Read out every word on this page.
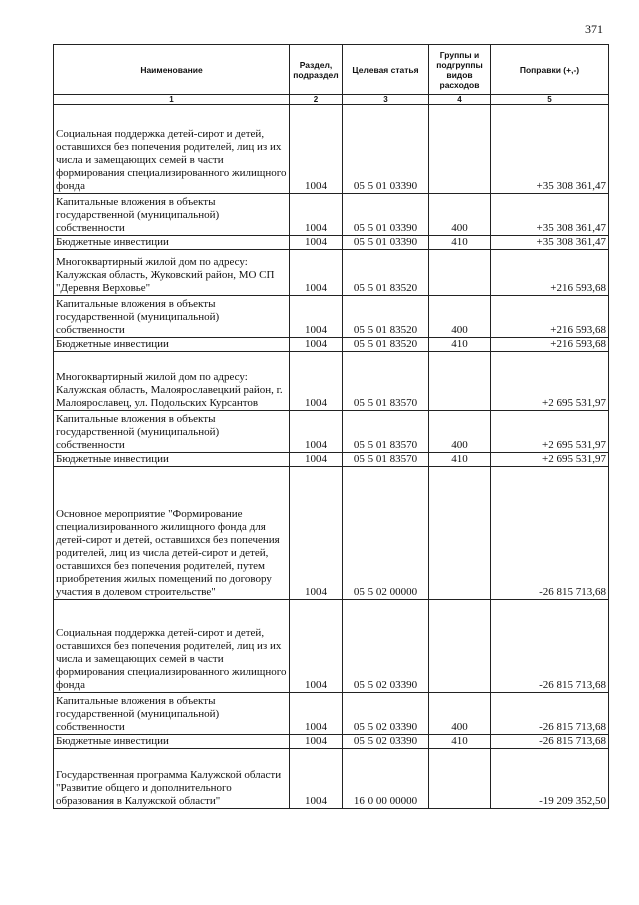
371
Наименование	Раздел, подраздел	Целевая статья	Группы и подгруппы видов расходов	Поправки (+,-)
1	2	3	4	5
Социальная поддержка детей-сирот и детей, оставшихся без попечения родителей, лиц из их числа и замещающих семей в части формирования специализированного жилищного фонда	1004	05 5 01 03390		+35 308 361,47
Капитальные вложения в объекты государственной (муниципальной) собственности	1004	05 5 01 03390	400	+35 308 361,47
Бюджетные инвестиции	1004	05 5 01 03390	410	+35 308 361,47
Многоквартирный жилой дом по адресу: Калужская область, Жуковский район, МО СП "Деревня Верховье"	1004	05 5 01 83520		+216 593,68
Капитальные вложения в объекты государственной (муниципальной) собственности	1004	05 5 01 83520	400	+216 593,68
Бюджетные инвестиции	1004	05 5 01 83520	410	+216 593,68
Многоквартирный жилой дом по адресу: Калужская область, Малоярославецкий район, г. Малоярославец, ул. Подольских Курсантов	1004	05 5 01 83570		+2 695 531,97
Капитальные вложения в объекты государственной (муниципальной) собственности	1004	05 5 01 83570	400	+2 695 531,97
Бюджетные инвестиции	1004	05 5 01 83570	410	+2 695 531,97
Основное мероприятие "Формирование специализированного жилищного фонда для детей-сирот и детей, оставшихся без попечения родителей, лиц из числа детей-сирот и детей, оставшихся без попечения родителей, путем приобретения жилых помещений по договору участия в долевом строительстве"	1004	05 5 02 00000		-26 815 713,68
Социальная поддержка детей-сирот и детей, оставшихся без попечения родителей, лиц из их числа и замещающих семей в части формирования специализированного жилищного фонда	1004	05 5 02 03390		-26 815 713,68
Капитальные вложения в объекты государственной (муниципальной) собственности	1004	05 5 02 03390	400	-26 815 713,68
Бюджетные инвестиции	1004	05 5 02 03390	410	-26 815 713,68
Государственная программа Калужской области "Развитие общего и дополнительного образования в Калужской области"	1004	16 0 00 00000		-19 209 352,50
